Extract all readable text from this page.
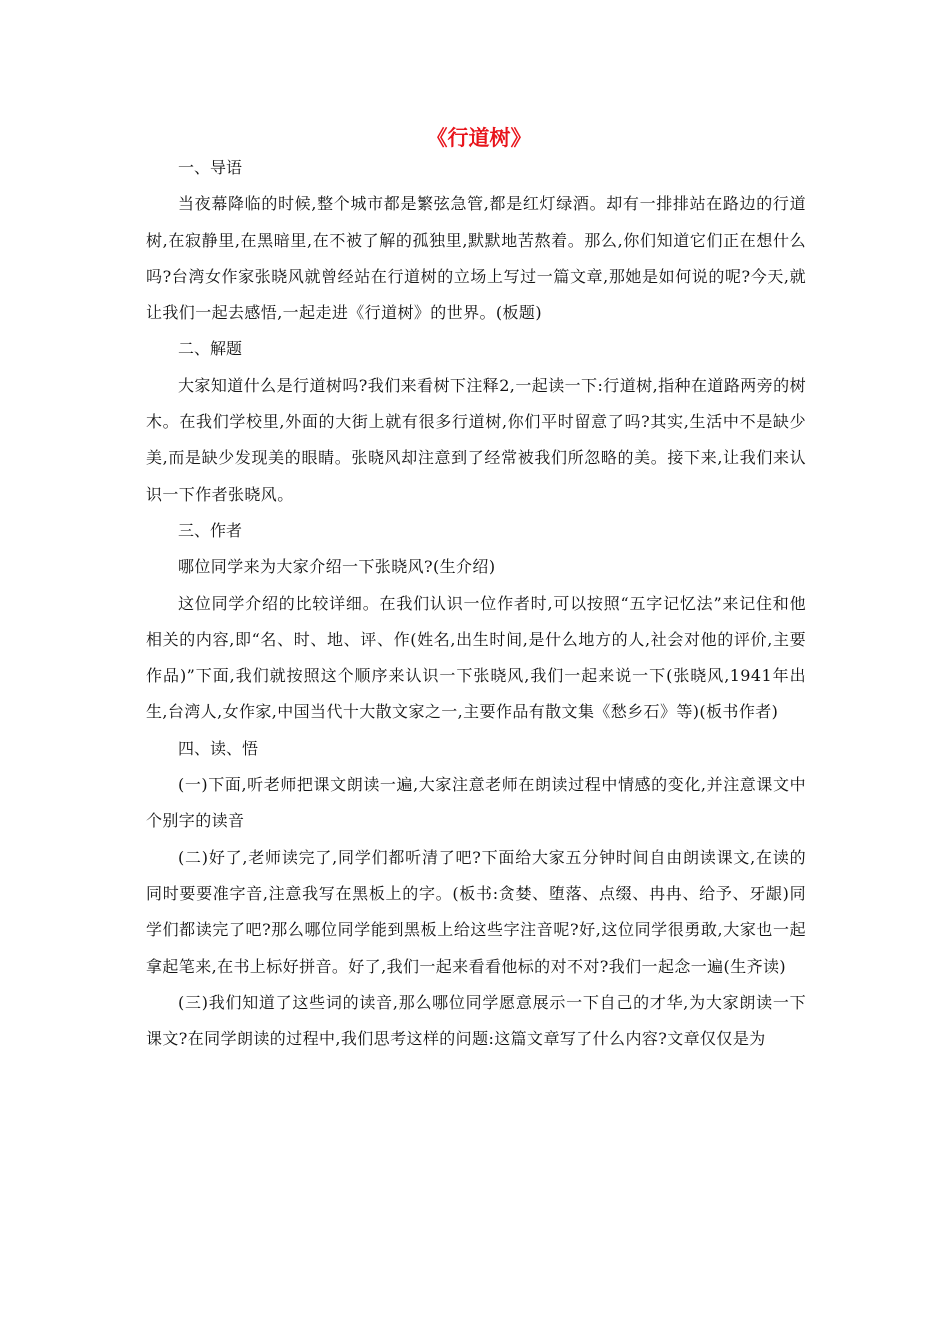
《行道树》

一、导语

当夜幕降临的时候,整个城市都是繁弦急管,都是红灯绿酒。却有一排排站在路边的行道树,在寂静里,在黑暗里,在不被了解的孤独里,默默地苦熬着。那么,你们知道它们正在想什么吗?台湾女作家张晓风就曾经站在行道树的立场上写过一篇文章,那她是如何说的呢?今天,就让我们一起去感悟,一起走进《行道树》的世界。(板题)

二、解题

大家知道什么是行道树吗?我们来看树下注释2,一起读一下:行道树,指种在道路两旁的树木。在我们学校里,外面的大街上就有很多行道树,你们平时留意了吗?其实,生活中不是缺少美,而是缺少发现美的眼睛。张晓风却注意到了经常被我们所忽略的美。接下来,让我们来认识一下作者张晓风。

三、作者

哪位同学来为大家介绍一下张晓风?(生介绍)

这位同学介绍的比较详细。在我们认识一位作者时,可以按照“五字记忆法”来记住和他相关的内容,即“名、时、地、评、作(姓名,出生时间,是什么地方的人,社会对他的评价,主要作品)”下面,我们就按照这个顺序来认识一下张晓风,我们一起来说一下(张晓风,1941年出生,台湾人,女作家,中国当代十大散文家之一,主要作品有散文集《愁乡石》等)(板书作者)

四、读、悟

(一)下面,听老师把课文朗读一遍,大家注意老师在朗读过程中情感的变化,并注意课文中个别字的读音

(二)好了,老师读完了,同学们都听清了吧?下面给大家五分钟时间自由朗读课文,在读的同时要要准字音,注意我写在黑板上的字。(板书:贪婪、堕落、点缀、冉冉、给予、牙龈)同学们都读完了吧?那么哪位同学能到黑板上给这些字注音呢?好,这位同学很勇敢,大家也一起拿起笔来,在书上标好拼音。好了,我们一起来看看他标的对不对?我们一起念一遍(生齐读)

(三)我们知道了这些词的读音,那么哪位同学愿意展示一下自己的才华,为大家朗读一下课文?在同学朗读的过程中,我们思考这样的问题:这篇文章写了什么内容?文章仅仅是为
